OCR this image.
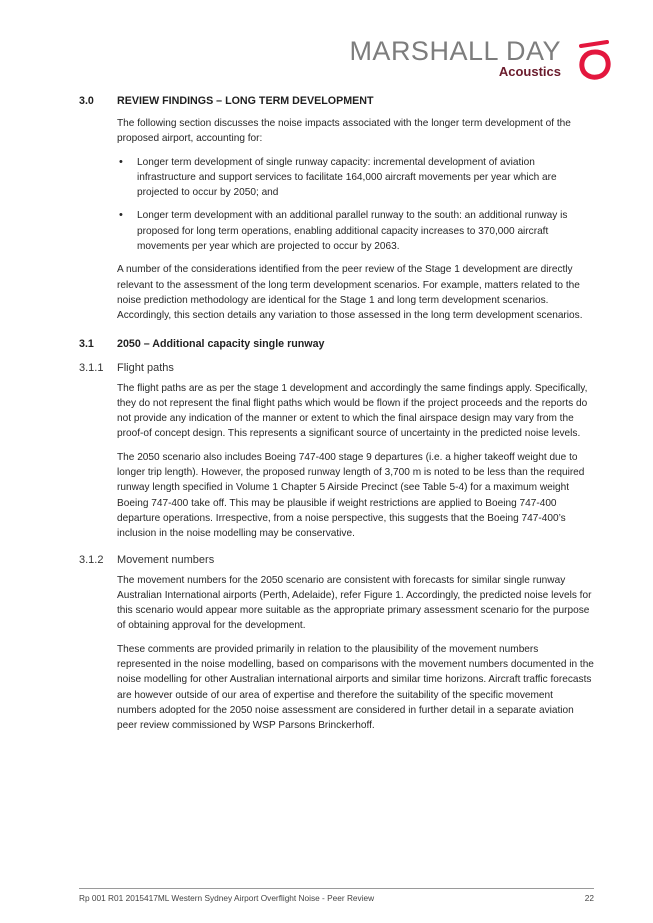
MARSHALL DAY
Acoustics
3.0	REVIEW FINDINGS – LONG TERM DEVELOPMENT

The following section discusses the noise impacts associated with the longer term development of the proposed airport, accounting for:

• Longer term development of single runway capacity: incremental development of aviation infrastructure and support services to facilitate 164,000 aircraft movements per year which are projected to occur by 2050; and
• Longer term development with an additional parallel runway to the south: an additional runway is proposed for long term operations, enabling additional capacity increases to 370,000 aircraft movements per year which are projected to occur by 2063.

A number of the considerations identified from the peer review of the Stage 1 development are directly relevant to the assessment of the long term development scenarios. For example, matters related to the noise prediction methodology are identical for the Stage 1 and long term development scenarios. Accordingly, this section details any variation to those assessed in the long term development scenarios.

3.1	2050 – Additional capacity single runway
3.1.1	Flight paths

The flight paths are as per the stage 1 development and accordingly the same findings apply. Specifically, they do not represent the final flight paths which would be flown if the project proceeds and the reports do not provide any indication of the manner or extent to which the final airspace design may vary from the proof-of concept design. This represents a significant source of uncertainty in the predicted noise levels.

The 2050 scenario also includes Boeing 747-400 stage 9 departures (i.e. a higher takeoff weight due to longer trip length). However, the proposed runway length of 3,700 m is noted to be less than the required runway length specified in Volume 1 Chapter 5 Airside Precinct (see Table 5-4) for a maximum weight Boeing 747-400 take off. This may be plausible if weight restrictions are applied to Boeing 747-400 departure operations. Irrespective, from a noise perspective, this suggests that the Boeing 747-400’s inclusion in the noise modelling may be conservative.

3.1.2	Movement numbers

The movement numbers for the 2050 scenario are consistent with forecasts for similar single runway Australian International airports (Perth, Adelaide), refer Figure 1. Accordingly, the predicted noise levels for this scenario would appear more suitable as the appropriate primary assessment scenario for the purpose of obtaining approval for the development.

These comments are provided primarily in relation to the plausibility of the movement numbers represented in the noise modelling, based on comparisons with the movement numbers documented in the noise modelling for other Australian international airports and similar time horizons. Aircraft traffic forecasts are however outside of our area of expertise and therefore the suitability of the specific movement numbers adopted for the 2050 noise assessment are considered in further detail in a separate aviation peer review commissioned by WSP Parsons Brinckerhoff.

Rp 001 R01 2015417ML Western Sydney Airport Overflight Noise - Peer Review	22
